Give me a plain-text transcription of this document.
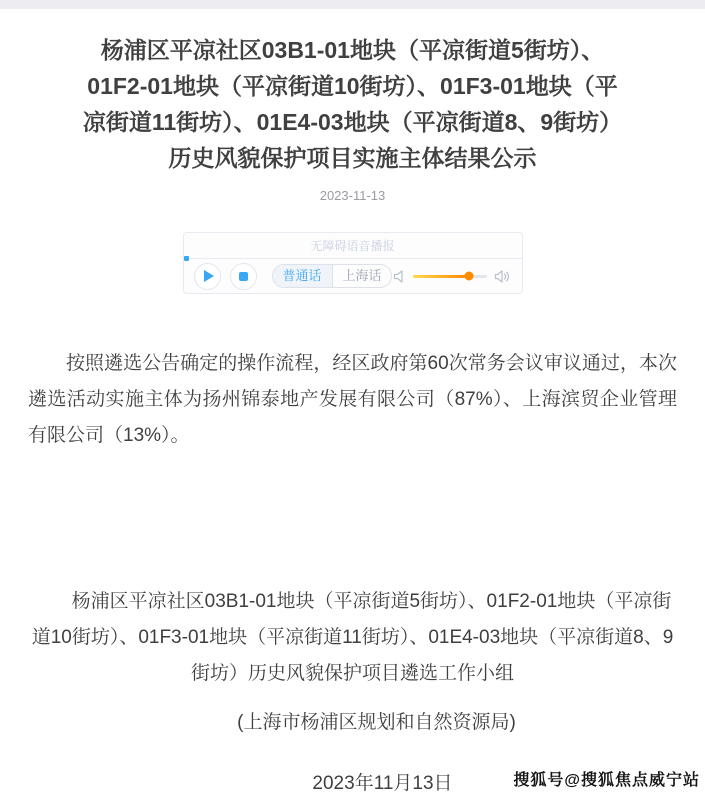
杨浦区平凉社区03B1-01地块（平凉街道5街坊）、01F2-01地块（平凉街道10街坊）、01F3-01地块（平凉街道11街坊）、01E4-03地块（平凉街道8、9街坊）历史风貌保护项目实施主体结果公示
2023-11-13
无障碍语音播报
普通话	上海话

按照遴选公告确定的操作流程，经区政府第60次常务会议审议通过，本次遴选活动实施主体为扬州锦泰地产发展有限公司（87%）、上海滨贸企业管理有限公司（13%）。

杨浦区平凉社区03B1-01地块（平凉街道5街坊）、01F2-01地块（平凉街道10街坊）、01F3-01地块（平凉街道11街坊）、01E4-03地块（平凉街道8、9街坊）历史风貌保护项目遴选工作小组

(上海市杨浦区规划和自然资源局)

2023年11月13日	搜狐号@搜狐焦点威宁站
